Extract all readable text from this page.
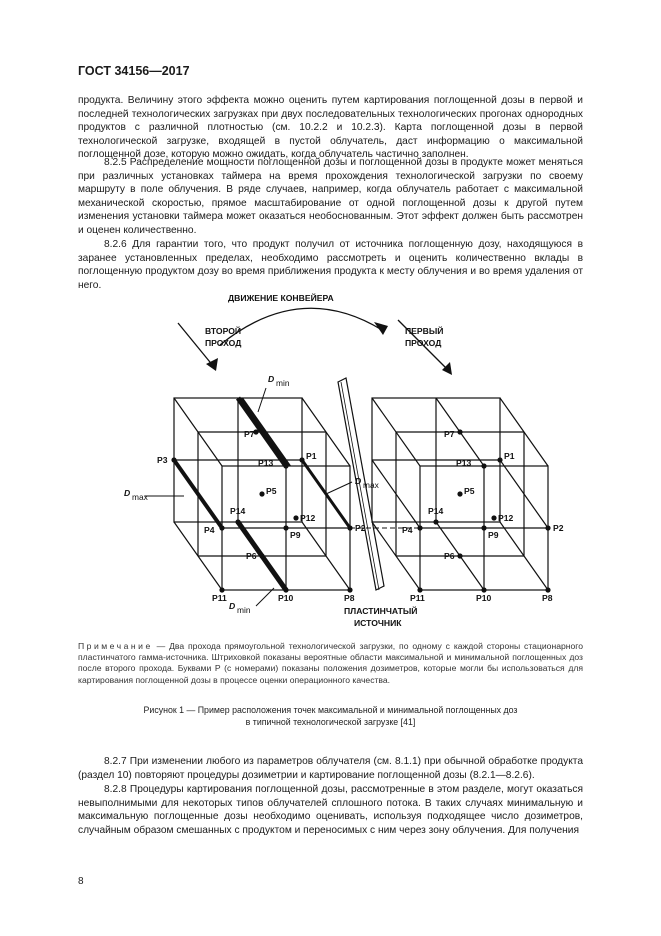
ГОСТ 34156—2017
продукта. Величину этого эффекта можно оценить путем картирования поглощенной дозы в первой и последней технологических загрузках при двух последовательных технологических прогонах однородных продуктов с различной плотностью (см. 10.2.2 и 10.2.3). Карта поглощенной дозы в первой технологической загрузке, входящей в пустой облучатель, даст информацию о максимальной поглощенной дозе, которую можно ожидать, когда облучатель частично заполнен.
8.2.5 Распределение мощности поглощенной дозы и поглощенной дозы в продукте может меняться при различных установках таймера на время прохождения технологической загрузки по своему маршруту в поле облучения. В ряде случаев, например, когда облучатель работает с максимальной механической скоростью, прямое масштабирование от одной поглощенной дозы к другой путем изменения установки таймера может оказаться необоснованным. Этот эффект должен быть рассмотрен и оценен количественно.
8.2.6 Для гарантии того, что продукт получил от источника поглощенную дозу, находящуюся в заранее установленных пределах, необходимо рассмотреть и оценить количественно вклады в поглощенную продуктом дозу во время приближения продукта к месту облучения и во время удаления от него.
ДВИЖЕНИЕ КОНВЕЙЕРА
ВТОРОЙ
ПРОХОД
ПЕРВЫЙ
ПРОХОД
ПЛАСТИНЧАТЫЙ
ИСТОЧНИК
D min
D max
D max
D min
P3
P4
P14
P13
P1
P2
P5
P12
P9
P7
P6
P11	P10	P8
P4
P14
P13
P1
P2
P5
P12
P9
P7
P6
P11	P10	P8
Примечание — Два прохода прямоугольной технологической загрузки, по одному с каждой стороны стационарного пластинчатого гамма-источника. Штриховкой показаны вероятные области максимальной и минимальной поглощенных доз после второго прохода. Буквами P (с номерами) показаны положения дозиметров, которые могли бы использоваться для картирования поглощенной дозы в процессе оценки операционного качества.
Рисунок 1 — Пример расположения точек максимальной и минимальной поглощенных доз
в типичной технологической загрузке [41]
8.2.7 При изменении любого из параметров облучателя (см. 8.1.1) при обычной обработке продукта (раздел 10) повторяют процедуры дозиметрии и картирование поглощенной дозы (8.2.1—8.2.6).
8.2.8 Процедуры картирования поглощенной дозы, рассмотренные в этом разделе, могут оказаться невыполнимыми для некоторых типов облучателей сплошного потока. В таких случаях минимальную и максимальную поглощенные дозы необходимо оценивать, используя подходящее число дозиметров, случайным образом смешанных с продуктом и переносимых с ним через зону облучения. Для получения
8
